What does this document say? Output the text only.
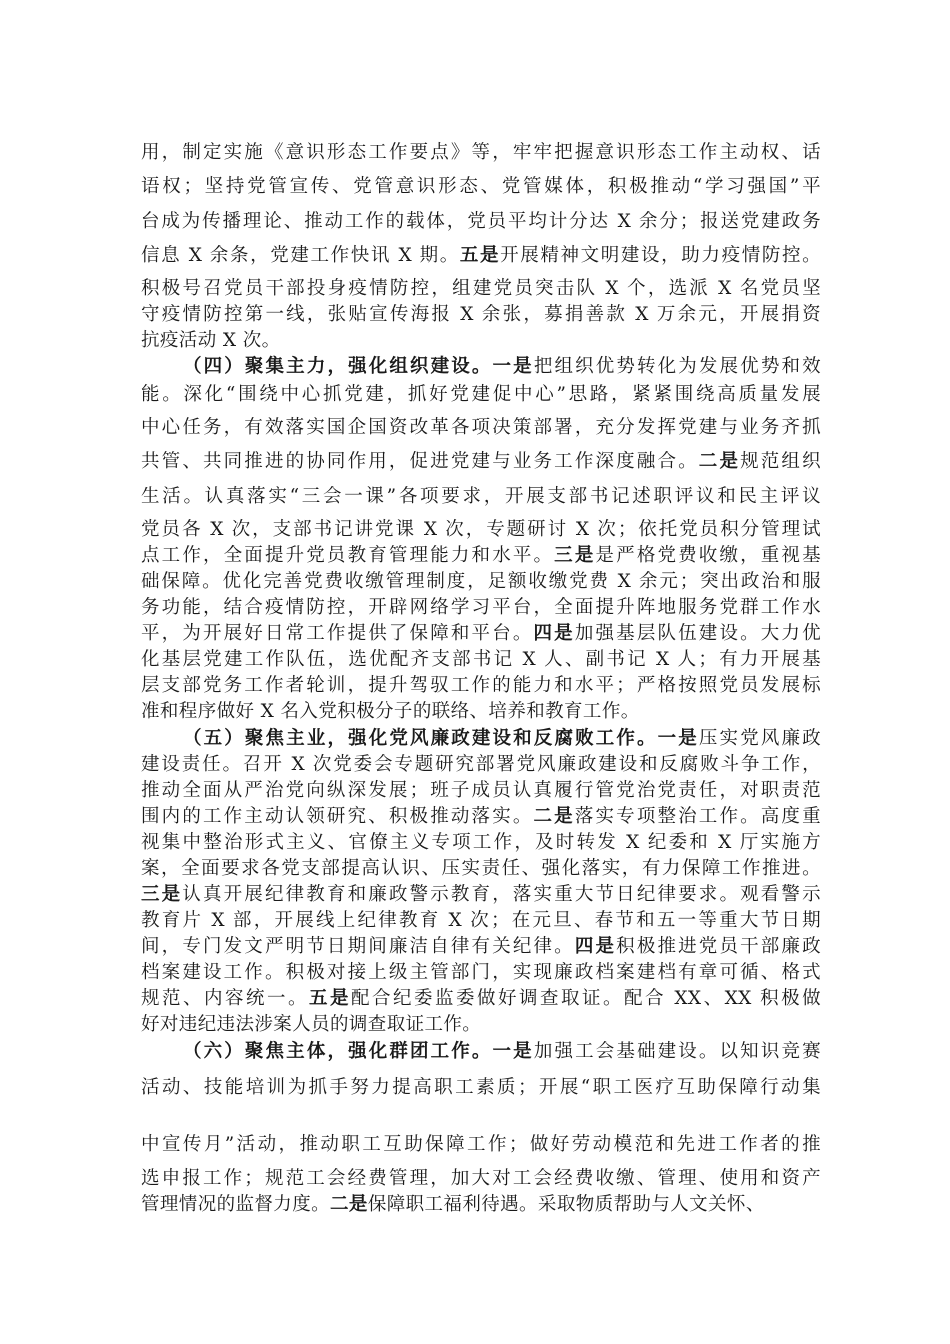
用，制定实施《意识形态工作要点》等，牢牢把握意识形态工作主动权、话
语权；坚持党管宣传、党管意识形态、党管媒体，积极推动“学习强国”平
台成为传播理论、推动工作的载体，党员平均计分达 X 余分；报送党建政务
信息 X 余条，党建工作快讯 X 期。五是开展精神文明建设，助力疫情防控。
积极号召党员干部投身疫情防控，组建党员突击队 X 个，选派 X 名党员坚
守疫情防控第一线，张贴宣传海报 X 余张，募捐善款 X 万余元，开展捐资
抗疫活动 X 次。
（四）聚集主力，强化组织建设。一是把组织优势转化为发展优势和效
能。深化“围绕中心抓党建，抓好党建促中心”思路，紧紧围绕高质量发展
中心任务，有效落实国企国资改革各项决策部署，充分发挥党建与业务齐抓
共管、共同推进的协同作用，促进党建与业务工作深度融合。二是规范组织
生活。认真落实“三会一课”各项要求，开展支部书记述职评议和民主评议
党员各 X 次，支部书记讲党课 X 次，专题研讨 X 次；依托党员积分管理试
点工作，全面提升党员教育管理能力和水平。三是是严格党费收缴，重视基
础保障。优化完善党费收缴管理制度，足额收缴党费 X 余元；突出政治和服
务功能，结合疫情防控，开辟网络学习平台，全面提升阵地服务党群工作水
平，为开展好日常工作提供了保障和平台。四是加强基层队伍建设。大力优
化基层党建工作队伍，选优配齐支部书记 X 人、副书记 X 人；有力开展基
层支部党务工作者轮训，提升驾驭工作的能力和水平；严格按照党员发展标
准和程序做好 X 名入党积极分子的联络、培养和教育工作。
（五）聚焦主业，强化党风廉政建设和反腐败工作。一是压实党风廉政
建设责任。召开 X 次党委会专题研究部署党风廉政建设和反腐败斗争工作，
推动全面从严治党向纵深发展；班子成员认真履行管党治党责任，对职责范
围内的工作主动认领研究、积极推动落实。二是落实专项整治工作。高度重
视集中整治形式主义、官僚主义专项工作，及时转发 X 纪委和 X 厅实施方
案，全面要求各党支部提高认识、压实责任、强化落实，有力保障工作推进。
三是认真开展纪律教育和廉政警示教育，落实重大节日纪律要求。观看警示
教育片 X 部，开展线上纪律教育 X 次；在元旦、春节和五一等重大节日期
间，专门发文严明节日期间廉洁自律有关纪律。四是积极推进党员干部廉政
档案建设工作。积极对接上级主管部门，实现廉政档案建档有章可循、格式
规范、内容统一。五是配合纪委监委做好调查取证。配合 XX、XX 积极做
好对违纪违法涉案人员的调查取证工作。
（六）聚焦主体，强化群团工作。一是加强工会基础建设。以知识竞赛
活动、技能培训为抓手努力提高职工素质；开展“职工医疗互助保障行动集
中宣传月”活动，推动职工互助保障工作；做好劳动模范和先进工作者的推
选申报工作；规范工会经费管理，加大对工会经费收缴、管理、使用和资产
管理情况的监督力度。二是保障职工福利待遇。采取物质帮助与人文关怀、
